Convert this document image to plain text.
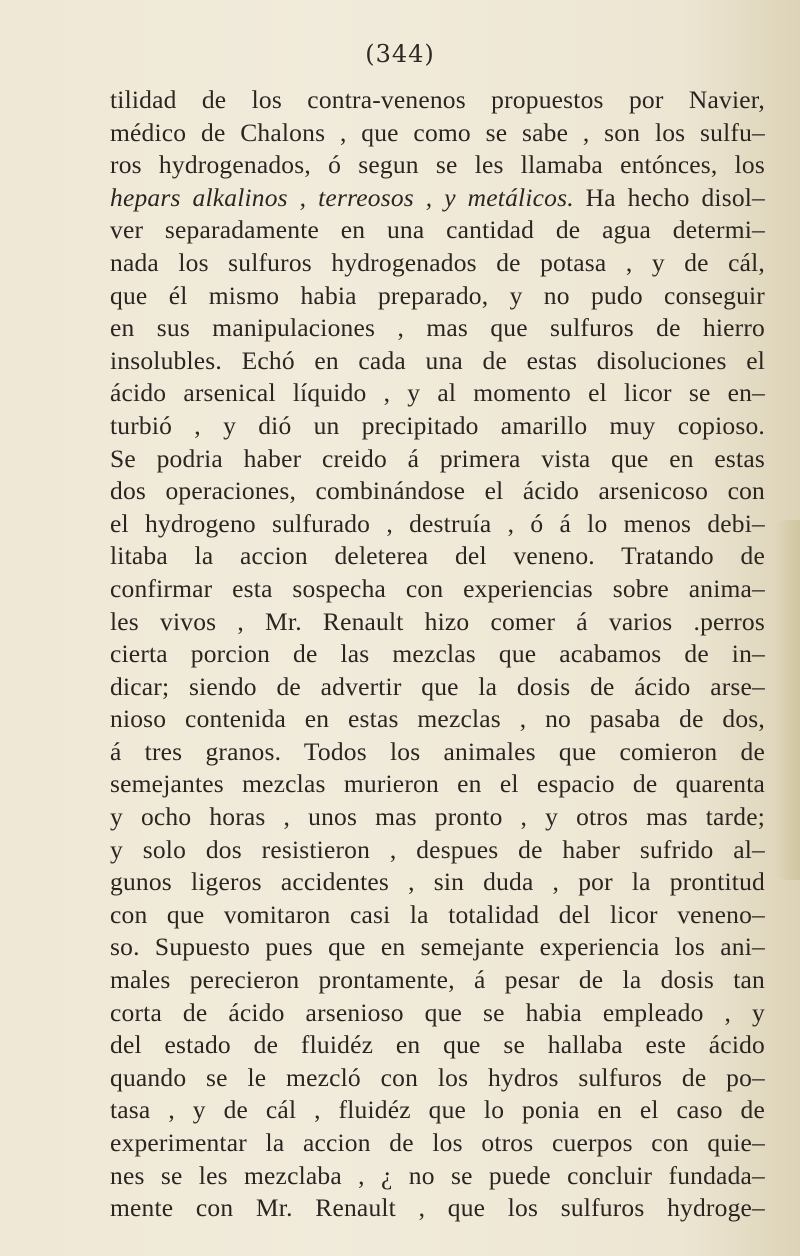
(344)
tilidad de los contra-venenos propuestos por Navier,
médico de Chalons , que como se sabe , son los sulfu–
ros hydrogenados, ó segun se les llamaba entónces, los
hepars alkalinos , terreosos , y metálicos. Ha hecho disol–
ver separadamente en una cantidad de agua determi–
nada los sulfuros hydrogenados de potasa , y de cál,
que él mismo habia preparado, y no pudo conseguir
en sus manipulaciones , mas que sulfuros de hierro
insolubles. Echó en cada una de estas disoluciones el
ácido arsenical líquido , y al momento el licor se en–
turbió , y dió un precipitado amarillo muy copioso.
Se podria haber creido á primera vista que en estas
dos operaciones, combinándose el ácido arsenicoso con
el hydrogeno sulfurado , destruía , ó á lo menos debi–
litaba la accion deleterea del veneno. Tratando de
confirmar esta sospecha con experiencias sobre anima–
les vivos , Mr. Renault hizo comer á varios .perros
cierta porcion de las mezclas que acabamos de in–
dicar; siendo de advertir que la dosis de ácido arse–
nioso contenida en estas mezclas , no pasaba de dos,
á tres granos. Todos los animales que comieron de
semejantes mezclas murieron en el espacio de quarenta
y ocho horas , unos mas pronto , y otros mas tarde;
y solo dos resistieron , despues de haber sufrido al–
gunos ligeros accidentes , sin duda , por la prontitud
con que vomitaron casi la totalidad del licor veneno–
so. Supuesto pues que en semejante experiencia los ani–
males perecieron prontamente, á pesar de la dosis tan
corta de ácido arsenioso que se habia empleado , y
del estado de fluidéz en que se hallaba este ácido
quando se le mezcló con los hydros sulfuros de po–
tasa , y de cál , fluidéz que lo ponia en el caso de
experimentar la accion de los otros cuerpos con quie–
nes se les mezclaba , ¿ no se puede concluir fundada–
mente con Mr. Renault , que los sulfuros hydroge–
